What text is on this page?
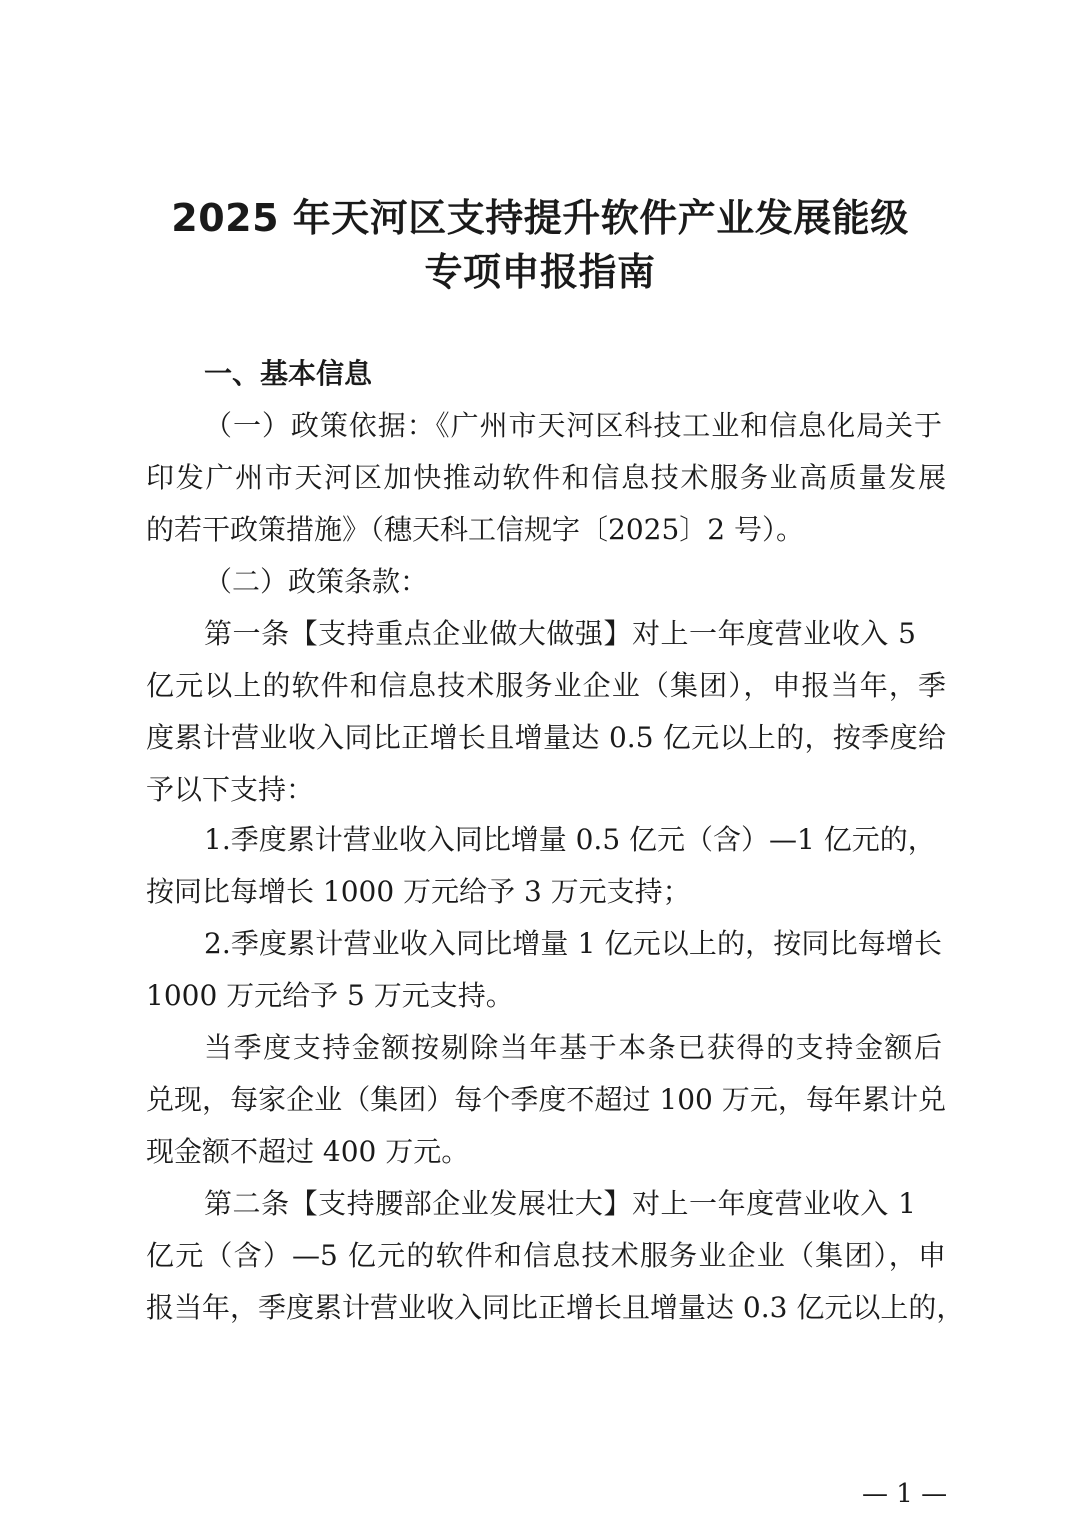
2025 年天河区支持提升软件产业发展能级
专项申报指南
一、基本信息
（一）政策依据：《广州市天河区科技工业和信息化局关于
印发广州市天河区加快推动软件和信息技术服务业高质量发展
的若干政策措施》（穗天科工信规字〔2025〕2 号）。
（二）政策条款：
第一条【支持重点企业做大做强】对上一年度营业收入 5
亿元以上的软件和信息技术服务业企业（集团），申报当年，季
度累计营业收入同比正增长且增量达 0.5 亿元以上的，按季度给
予以下支持：
1.季度累计营业收入同比增量 0.5 亿元（含）—1 亿元的，
按同比每增长 1000 万元给予 3 万元支持；
2.季度累计营业收入同比增量 1 亿元以上的，按同比每增长
1000 万元给予 5 万元支持。
当季度支持金额按剔除当年基于本条已获得的支持金额后
兑现，每家企业（集团）每个季度不超过 100 万元，每年累计兑
现金额不超过 400 万元。
第二条【支持腰部企业发展壮大】对上一年度营业收入 1
亿元（含）—5 亿元的软件和信息技术服务业企业（集团），申
报当年，季度累计营业收入同比正增长且增量达 0.3 亿元以上的，
— 1 —
